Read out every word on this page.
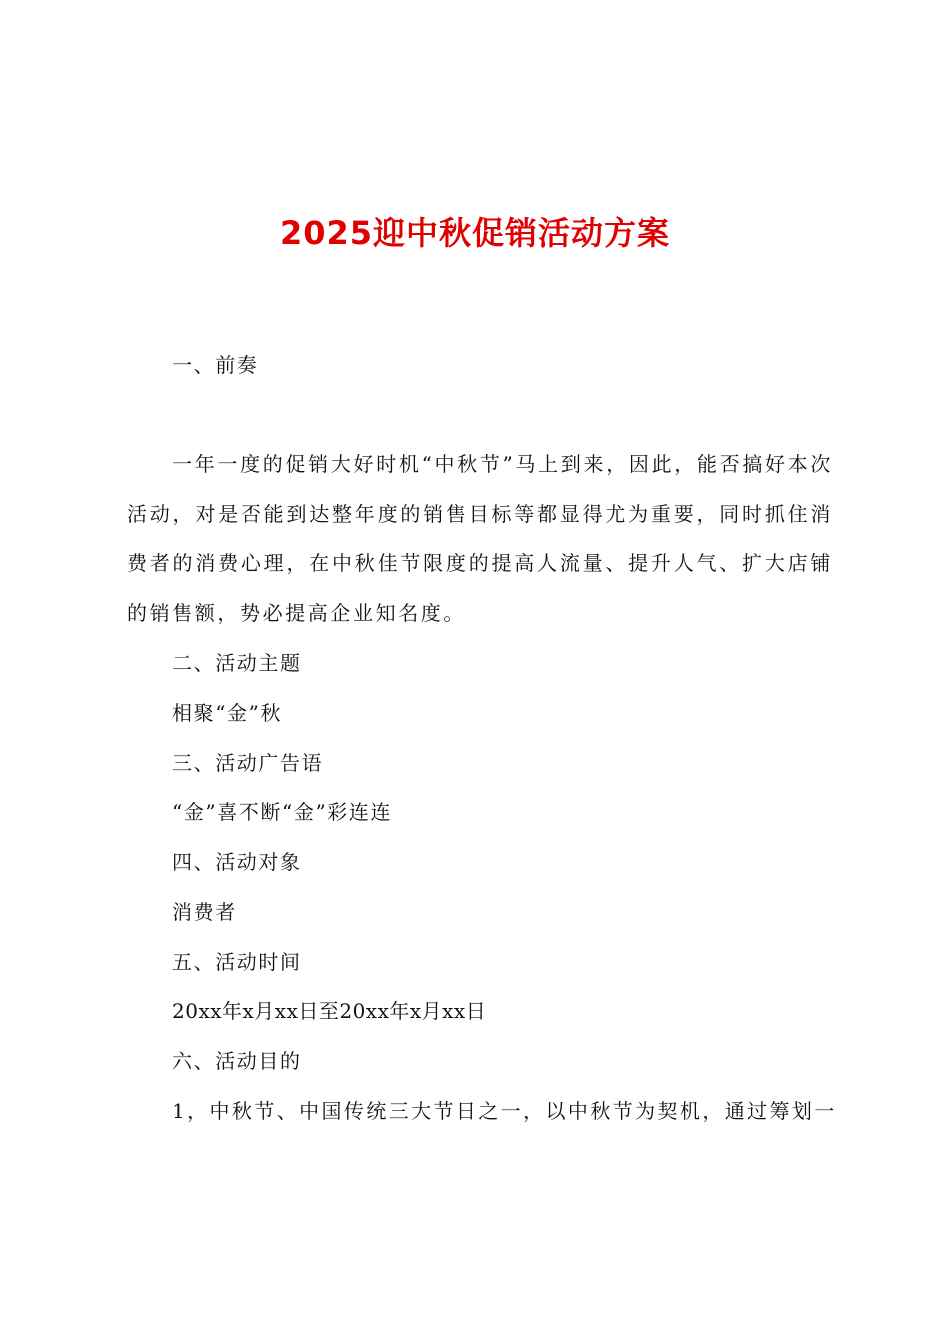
2025迎中秋促销活动方案

一、前奏

一年一度的促销大好时机“中秋节”马上到来，因此，能否搞好本次活动，对是否能到达整年度的销售目标等都显得尤为重要，同时抓住消费者的消费心理，在中秋佳节限度的提高人流量、提升人气、扩大店铺的销售额，势必提高企业知名度。

二、活动主题

相聚“金”秋

三、活动广告语

“金”喜不断“金”彩连连

四、活动对象

消费者

五、活动时间

20xx年x月xx日至20xx年x月xx日

六、活动目的

1，中秋节、中国传统三大节日之一，以中秋节为契机，通过筹划一
